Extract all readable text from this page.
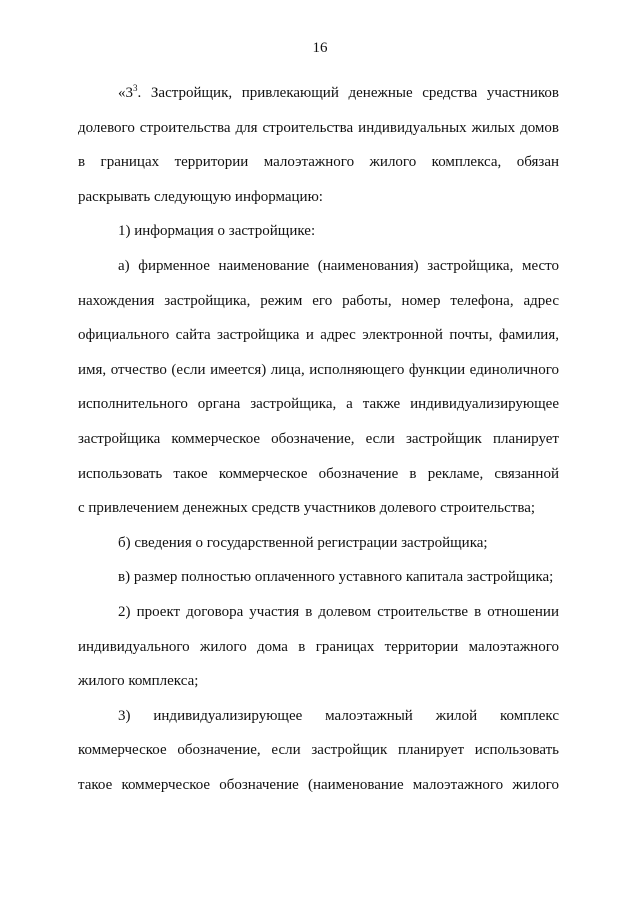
16

«$3^3$. Застройщик, привлекающий денежные средства участников
долевого строительства для строительства индивидуальных жилых домов
в границах территории малоэтажного жилого комплекса, обязан
раскрывать следующую информацию:

1) информация о застройщике:

а) фирменное наименование (наименования) застройщика, место
нахождения застройщика, режим его работы, номер телефона, адрес
официального сайта застройщика и адрес электронной почты, фамилия,
имя, отчество (если имеется) лица, исполняющего функции единоличного
исполнительного органа застройщика, а также индивидуализирующее
застройщика коммерческое обозначение, если застройщик планирует
использовать такое коммерческое обозначение в рекламе, связанной
с привлечением денежных средств участников долевого строительства;

б) сведения о государственной регистрации застройщика;

в) размер полностью оплаченного уставного капитала застройщика;

2) проект договора участия в долевом строительстве в отношении
индивидуального жилого дома в границах территории малоэтажного
жилого комплекса;

3) индивидуализирующее малоэтажный жилой комплекс
коммерческое обозначение, если застройщик планирует использовать
такое коммерческое обозначение (наименование малоэтажного жилого
